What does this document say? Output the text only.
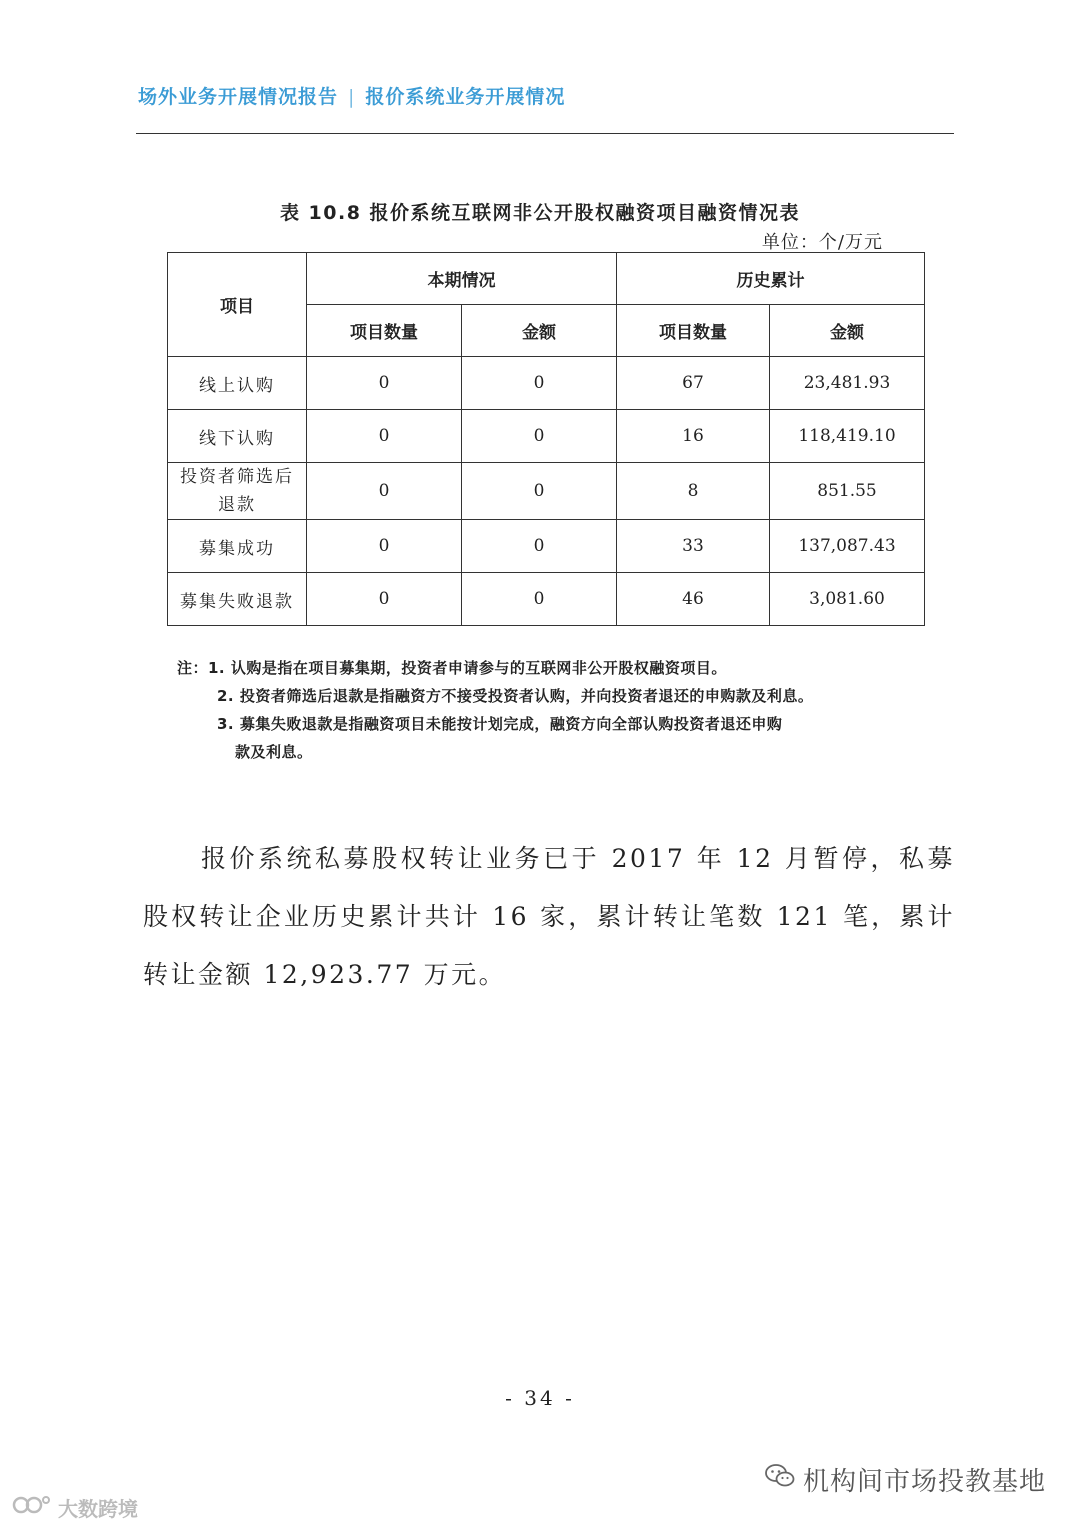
场外业务开展情况报告 | 报价系统业务开展情况
表 10.8 报价系统互联网非公开股权融资项目融资情况表
单位：个/万元
项目	本期情况		历史累计	
	项目数量	金额	项目数量	金额
线上认购	0	0	67	23,481.93
线下认购	0	0	16	118,419.10
投资者筛选后退款	0	0	8	851.55
募集成功	0	0	33	137,087.43
募集失败退款	0	0	46	3,081.60
注：1. 认购是指在项目募集期，投资者申请参与的互联网非公开股权融资项目。
2. 投资者筛选后退款是指融资方不接受投资者认购，并向投资者退还的申购款及利息。
3. 募集失败退款是指融资项目未能按计划完成，融资方向全部认购投资者退还申购
款及利息。
报价系统私募股权转让业务已于 2017 年 12 月暂停，私募股权转让企业历史累计共计 16 家，累计转让笔数 121 笔，累计转让金额 12,923.77 万元。
- 34 -
机构间市场投教基地
大数跨境
